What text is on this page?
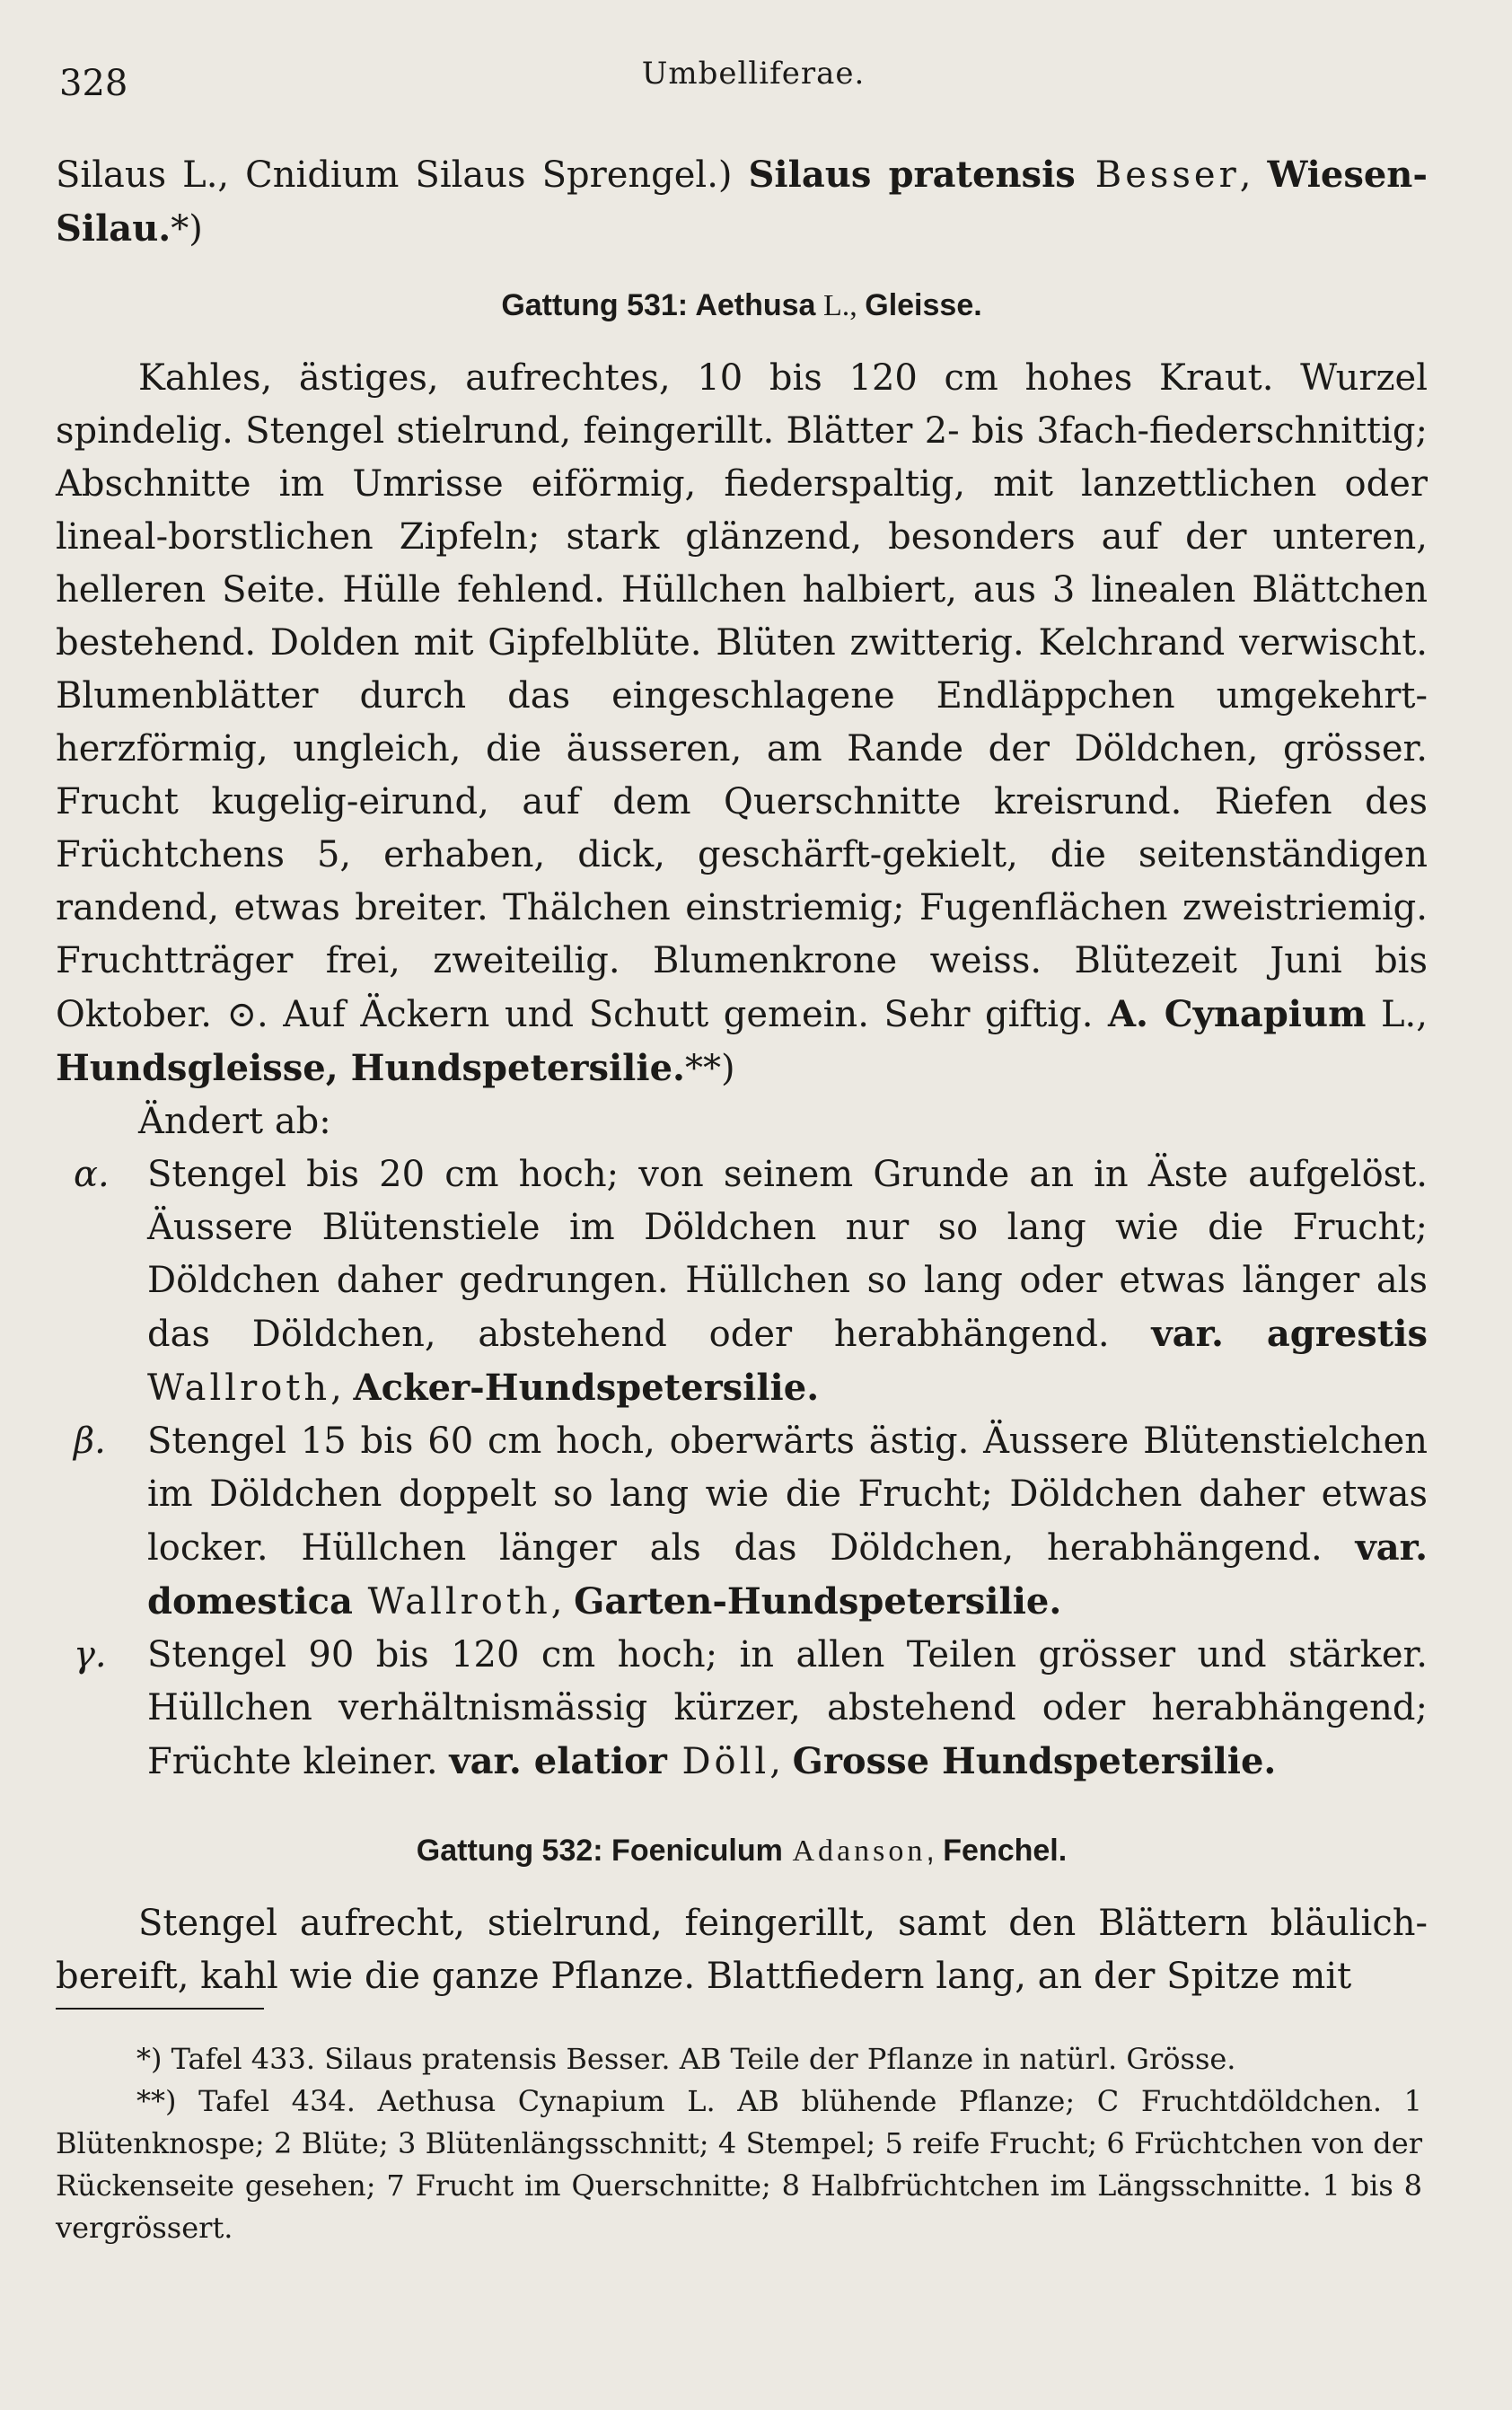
328	Umbelliferae.

Silaus L., Cnidium Silaus Sprengel.) Silaus pratensis Besser, Wiesen-Silau.*)

Gattung 531: Aethusa L., Gleisse.

Kahles, ästiges, aufrechtes, 10 bis 120 cm hohes Kraut. Wurzel spindelig. Stengel stielrund, feingerillt. Blätter 2- bis 3fach-fiederschnittig; Abschnitte im Umrisse eiförmig, fiederspaltig, mit lanzettlichen oder lineal-borstlichen Zipfeln; stark glänzend, besonders auf der unteren, helleren Seite. Hülle fehlend. Hüllchen halbiert, aus 3 linealen Blättchen bestehend. Dolden mit Gipfelblüte. Blüten zwitterig. Kelchrand verwischt. Blumenblätter durch das eingeschlagene Endläppchen umgekehrt-herzförmig, ungleich, die äusseren, am Rande der Döldchen, grösser. Frucht kugelig-eirund, auf dem Querschnitte kreisrund. Riefen des Früchtchens 5, erhaben, dick, geschärft-gekielt, die seitenständigen randend, etwas breiter. Thälchen einstriemig; Fugenflächen zweistriemig. Fruchtträger frei, zweiteilig. Blumenkrone weiss. Blütezeit Juni bis Oktober. ⊙. Auf Äckern und Schutt gemein. Sehr giftig. A. Cynapium L., Hundsgleisse, Hundspetersilie.**)

Ändert ab:

α. Stengel bis 20 cm hoch; von seinem Grunde an in Äste aufgelöst. Äussere Blütenstiele im Döldchen nur so lang wie die Frucht; Döldchen daher gedrungen. Hüllchen so lang oder etwas länger als das Döldchen, abstehend oder herabhängend. var. agrestis Wallroth, Acker-Hundspetersilie.

β. Stengel 15 bis 60 cm hoch, oberwärts ästig. Äussere Blütenstielchen im Döldchen doppelt so lang wie die Frucht; Döldchen daher etwas locker. Hüllchen länger als das Döldchen, herabhängend. var. domestica Wallroth, Garten-Hundspetersilie.

γ. Stengel 90 bis 120 cm hoch; in allen Teilen grösser und stärker. Hüllchen verhältnismässig kürzer, abstehend oder herabhängend; Früchte kleiner. var. elatior Döll, Grosse Hundspetersilie.

Gattung 532: Foeniculum Adanson, Fenchel.

Stengel aufrecht, stielrund, feingerillt, samt den Blättern bläulich-bereift, kahl wie die ganze Pflanze. Blattfiedern lang, an der Spitze mit

*) Tafel 433. Silaus pratensis Besser. AB Teile der Pflanze in natürl. Grösse.

**) Tafel 434. Aethusa Cynapium L. AB blühende Pflanze; C Fruchtdöldchen. 1 Blütenknospe; 2 Blüte; 3 Blütenlängsschnitt; 4 Stempel; 5 reife Frucht; 6 Früchtchen von der Rückenseite gesehen; 7 Frucht im Querschnitte; 8 Halbfrüchtchen im Längsschnitte. 1 bis 8 vergrössert.
